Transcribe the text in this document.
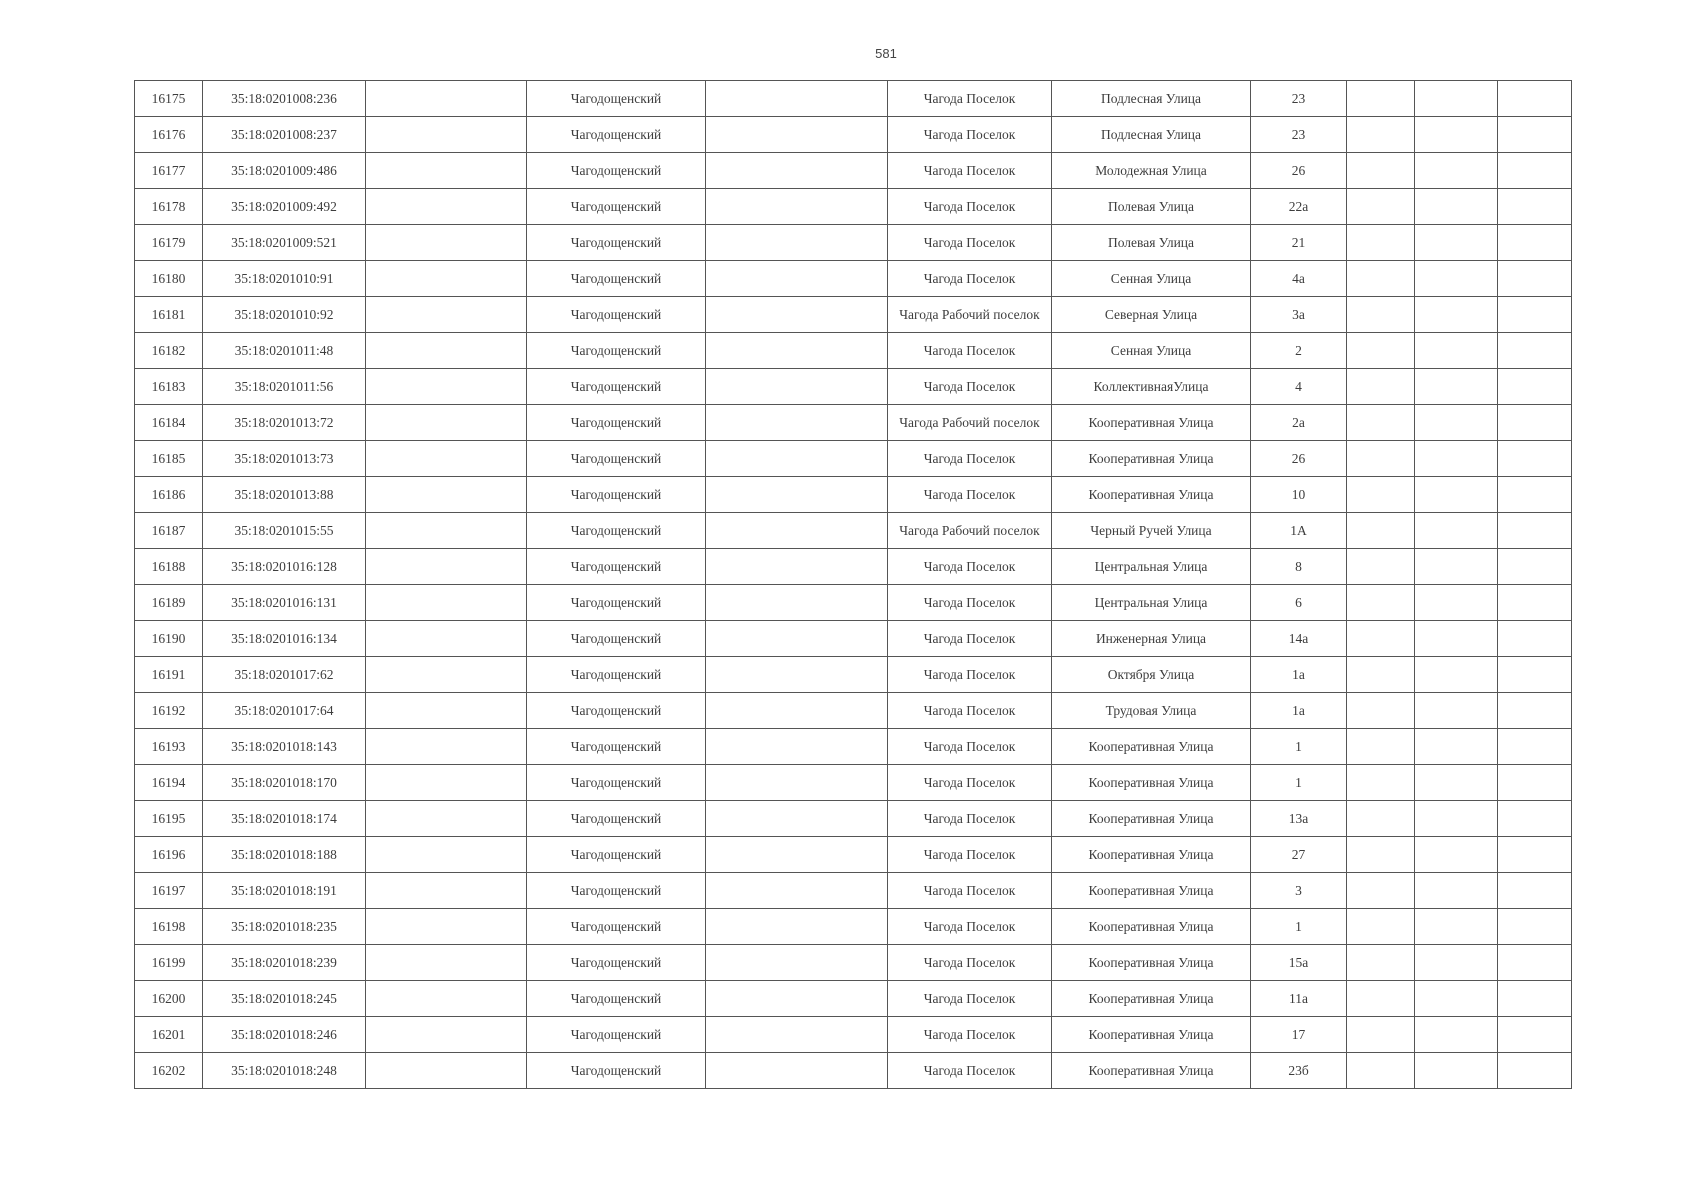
581
16175	35:18:0201008:236		Чагодощенский		Чагода Поселок	Подлесная Улица	23			
16176	35:18:0201008:237		Чагодощенский		Чагода Поселок	Подлесная Улица	23			
16177	35:18:0201009:486		Чагодощенский		Чагода Поселок	Молодежная Улица	26			
16178	35:18:0201009:492		Чагодощенский		Чагода Поселок	Полевая Улица	22а			
16179	35:18:0201009:521		Чагодощенский		Чагода Поселок	Полевая Улица	21			
16180	35:18:0201010:91		Чагодощенский		Чагода Поселок	Сенная Улица	4а			
16181	35:18:0201010:92		Чагодощенский		Чагода Рабочий поселок	Северная Улица	3а			
16182	35:18:0201011:48		Чагодощенский		Чагода Поселок	Сенная Улица	2			
16183	35:18:0201011:56		Чагодощенский		Чагода Поселок	КоллективнаяУлица	4			
16184	35:18:0201013:72		Чагодощенский		Чагода Рабочий поселок	Кооперативная Улица	2а			
16185	35:18:0201013:73		Чагодощенский		Чагода Поселок	Кооперативная Улица	26			
16186	35:18:0201013:88		Чагодощенский		Чагода Поселок	Кооперативная Улица	10			
16187	35:18:0201015:55		Чагодощенский		Чагода Рабочий поселок	Черный Ручей Улица	1А			
16188	35:18:0201016:128		Чагодощенский		Чагода Поселок	Центральная Улица	8			
16189	35:18:0201016:131		Чагодощенский		Чагода Поселок	Центральная Улица	6			
16190	35:18:0201016:134		Чагодощенский		Чагода Поселок	Инженерная Улица	14а			
16191	35:18:0201017:62		Чагодощенский		Чагода Поселок	Октября Улица	1а			
16192	35:18:0201017:64		Чагодощенский		Чагода Поселок	Трудовая Улица	1а			
16193	35:18:0201018:143		Чагодощенский		Чагода Поселок	Кооперативная Улица	1			
16194	35:18:0201018:170		Чагодощенский		Чагода Поселок	Кооперативная Улица	1			
16195	35:18:0201018:174		Чагодощенский		Чагода Поселок	Кооперативная Улица	13а			
16196	35:18:0201018:188		Чагодощенский		Чагода Поселок	Кооперативная Улица	27			
16197	35:18:0201018:191		Чагодощенский		Чагода Поселок	Кооперативная Улица	3			
16198	35:18:0201018:235		Чагодощенский		Чагода Поселок	Кооперативная Улица	1			
16199	35:18:0201018:239		Чагодощенский		Чагода Поселок	Кооперативная Улица	15а			
16200	35:18:0201018:245		Чагодощенский		Чагода Поселок	Кооперативная Улица	11а			
16201	35:18:0201018:246		Чагодощенский		Чагода Поселок	Кооперативная Улица	17			
16202	35:18:0201018:248		Чагодощенский		Чагода Поселок	Кооперативная Улица	23б			
